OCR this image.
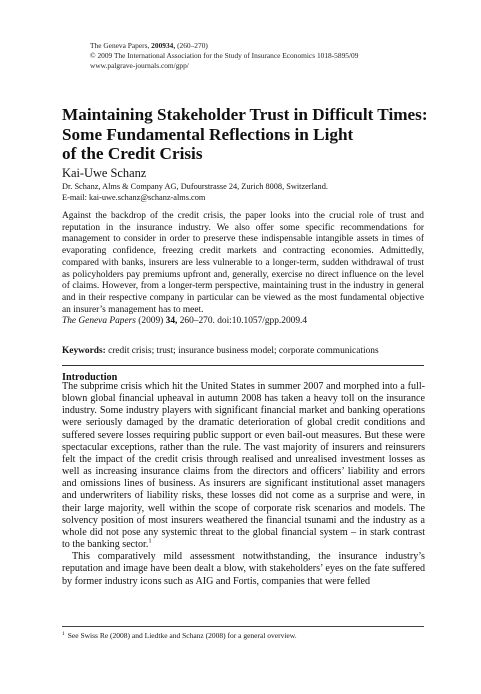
The Geneva Papers, 200934, (260–270)
© 2009 The International Association for the Study of Insurance Economics 1018-5895/09
www.palgrave-journals.com/gpp/
Maintaining Stakeholder Trust in Difficult Times:
Some Fundamental Reflections in Light
of the Credit Crisis
Kai-Uwe Schanz
Dr. Schanz, Alms & Company AG, Dufourstrasse 24, Zurich 8008, Switzerland.
E-mail: kai-uwe.schanz@schanz-alms.com
Against the backdrop of the credit crisis, the paper looks into the crucial role of trust and reputation in the insurance industry. We also offer some specific recommendations for management to consider in order to preserve these indispensable intangible assets in times of evaporating confidence, freezing credit markets and contracting economies. Admittedly, compared with banks, insurers are less vulnerable to a longer-term, sudden withdrawal of trust as policyholders pay premiums upfront and, generally, exercise no direct influence on the level of claims. However, from a longer-term perspective, maintaining trust in the industry in general and in their respective company in particular can be viewed as the most fundamental objective an insurer’s management has to meet.
The Geneva Papers (2009) 34, 260–270. doi:10.1057/gpp.2009.4
Keywords: credit crisis; trust; insurance business model; corporate communications
Introduction

The subprime crisis which hit the United States in summer 2007 and morphed into a full-blown global financial upheaval in autumn 2008 has taken a heavy toll on the insurance industry. Some industry players with significant financial market and banking operations were seriously damaged by the dramatic deterioration of global credit conditions and suffered severe losses requiring public support or even bail-out measures. But these were spectacular exceptions, rather than the rule. The vast majority of insurers and reinsurers felt the impact of the credit crisis through realised and unrealised investment losses as well as increasing insurance claims from the directors and officers’ liability and errors and omissions lines of business. As insurers are significant institutional asset managers and underwriters of liability risks, these losses did not come as a surprise and were, in their large majority, well within the scope of corporate risk scenarios and models. The solvency position of most insurers weathered the financial tsunami and the industry as a whole did not pose any systemic threat to the global financial system – in stark contrast to the banking sector.$^1$

This comparatively mild assessment notwithstanding, the insurance industry’s reputation and image have been dealt a blow, with stakeholders’ eyes on the fate suffered by former industry icons such as AIG and Fortis, companies that were felled

$^1$ See Swiss Re (2008) and Liedtke and Schanz (2008) for a general overview.
